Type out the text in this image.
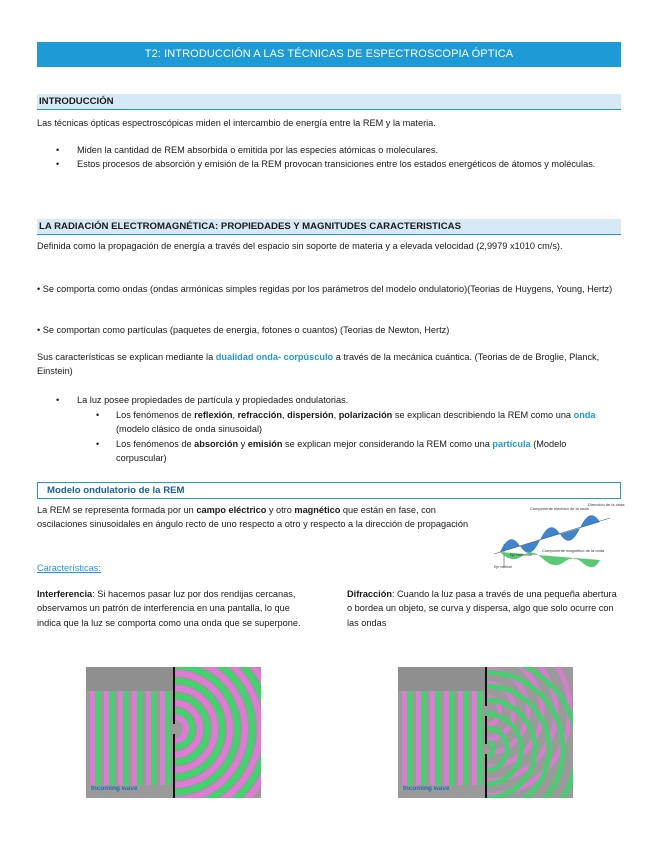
T2: INTRODUCCIÓN A LAS TÉCNICAS DE ESPECTROSCOPIA ÓPTICA
INTRODUCCIÓN

Las técnicas ópticas espectroscópicas miden el intercambio de energía entre la REM y la materia.

• Miden la cantidad de REM absorbida o emitida por las especies atómicas o moleculares.
• Estos procesos de absorción y emisión de la REM provocan transiciones entre los estados energéticos de átomos y moléculas.
LA RADIACIÓN ELECTROMAGNÉTICA: PROPIEDADES Y MAGNITUDES CARACTERISTICAS

Definida como la propagación de energía a través del espacio sin soporte de materia y a elevada velocidad (2,9979 x1010 cm/s).

• Se comporta como ondas (ondas armónicas simples regidas por los parámetros del modelo ondulatorio)(Teorias de Huygens, Young, Hertz)

• Se comportan como partículas (paquetes de energia, fotones o cuantos) (Teorias de Newton, Hertz)

Sus características se explican mediante la dualidad onda- corpúsculo a través de la mecánica cuántica. (Teorias de de Broglie, Planck, Einstein)

• La luz posee propiedades de partícula y propiedades ondulatorias.
• Los fenómenos de reflexión, refracción, dispersión, polarización se explican describiendo la REM como una onda (modelo clásico de onda sinusoidal)
• Los fenómenos de absorción y emisión se explican mejor considerando la REM como una partícula (Modelo corpuscular)
Modelo ondulatorio de la REM

La REM se representa formada por un campo eléctrico y otro magnético que están en fase, con oscilaciones sinusoidales en ángulo recto de uno respecto a otro y respecto a la dirección de propagación

Componente eléctrico de la onda
Dirección de la onda
Componente magnético de la onda
Eje horizontal
Eje vertical

Características:

Interferencia: Si hacemos pasar luz por dos rendijas cercanas, observamos un patrón de interferencia en una pantalla, lo que indica que la luz se comporta como una onda que se superpone.

Difracción: Cuando la luz pasa a través de una pequeña abertura o bordea un objeto, se curva y dispersa, algo que solo ocurre con las ondas

Incoming wave	Incoming wave
